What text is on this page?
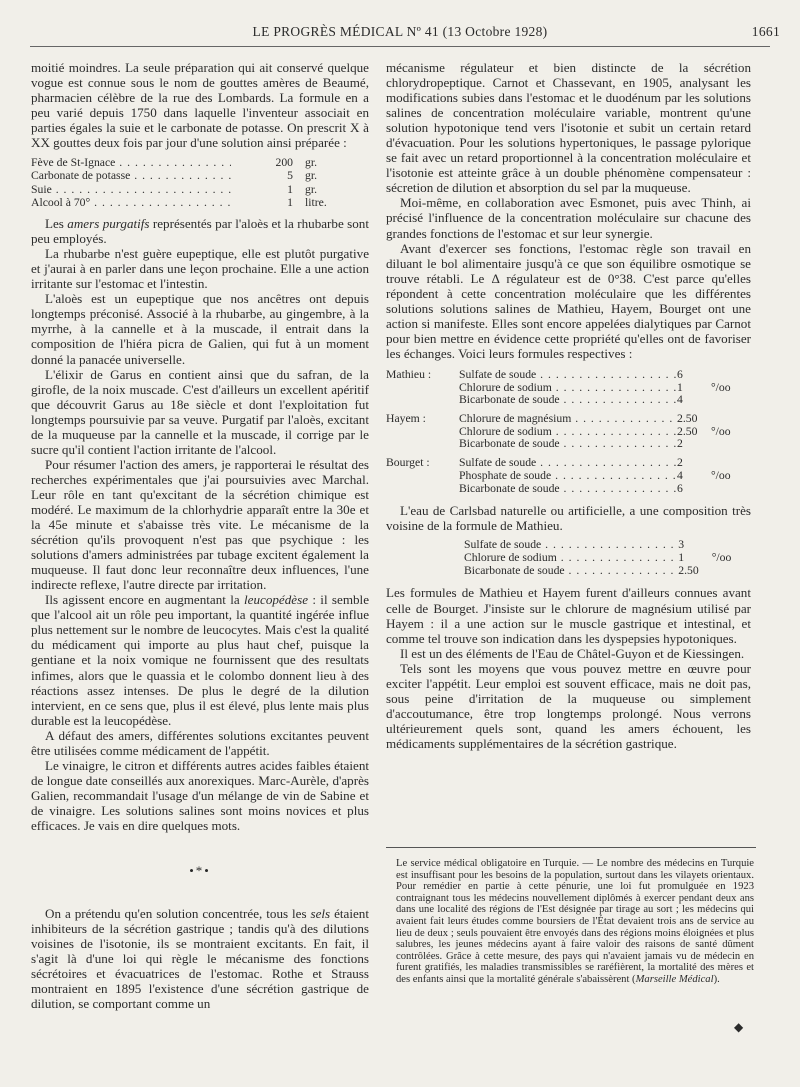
LE PROGRÈS MÉDICAL Nº 41 (13 Octobre 1928)	1661

moitié moindres. La seule préparation qui ait conservé quelque vogue est connue sous le nom de gouttes amères de Beaumé, pharmacien célèbre de la rue des Lombards. La formule en a peu varié depuis 1750 dans laquelle l'inventeur associait en parties égales la suie et le carbonate de potasse. On prescrit X à XX gouttes deux fois par jour d'une solution ainsi préparée :

Fève de St-Ignace . . .	200	gr.
Carbonate de potasse . . .	5	gr.
Suie . . .	1	gr.
Alcool à 70° . . .	1	litre.

Les amers purgatifs représentés par l'aloès et la rhubarbe sont peu employés.

La rhubarbe n'est guère eupeptique, elle est plutôt purgative et j'aurai à en parler dans une leçon prochaine. Elle a une action irritante sur l'estomac et l'intestin.

L'aloès est un eupeptique que nos ancêtres ont depuis longtemps préconisé. Associé à la rhubarbe, au gingembre, à la myrrhe, à la cannelle et à la muscade, il entrait dans la composition de l'hiéra picra de Galien, qui fut à un moment donné la panacée universelle.

L'élixir de Garus en contient ainsi que du safran, de la girofle, de la noix muscade. C'est d'ailleurs un excellent apéritif que découvrit Garus au 18e siècle et dont l'exploitation fut longtemps poursuivie par sa veuve. Purgatif par l'aloès, excitant de la muqueuse par la cannelle et la muscade, il corrige par le sucre qu'il contient l'action irritante de l'alcool.

Pour résumer l'action des amers, je rapporterai le résultat des recherches expérimentales que j'ai poursuivies avec Marchal. Leur rôle en tant qu'excitant de la sécrétion chimique est modéré. Le maximum de la chlorhydrie apparaît entre la 30e et la 45e minute et s'abaisse très vite. Le mécanisme de la sécrétion qu'ils provoquent n'est pas que psychique : les solutions d'amers administrées par tubage excitent également la muqueuse. Il faut donc leur reconnaître deux influences, l'une indirecte reflexe, l'autre directe par irritation.

Ils agissent encore en augmentant la leucopédèse : il semble que l'alcool ait un rôle peu important, la quantité ingérée influe plus nettement sur le nombre de leucocytes. Mais c'est la qualité du médicament qui importe au plus haut chef, puisque la gentiane et la noix vomique ne fournissent que des resultats infimes, alors que le quassia et le colombo donnent lieu à des réactions assez intenses. De plus le degré de la dilution intervient, en ce sens que, plus il est élevé, plus lente mais plus durable est la leucopédèse.

A défaut des amers, différentes solutions excitantes peuvent être utilisées comme médicament de l'appétit.

Le vinaigre, le citron et différents autres acides faibles étaient de longue date conseillés aux anorexiques. Marc-Aurèle, d'après Galien, recommandait l'usage d'un mélange de vin de Sabine et de vinaigre. Les solutions salines sont moins novices et plus efficaces. Je vais en dire quelques mots.

•*•

On a prétendu qu'en solution concentrée, tous les sels étaient inhibiteurs de la sécrétion gastrique ; tandis qu'à des dilutions voisines de l'isotonie, ils se montraient excitants. En fait, il s'agit là d'une loi qui règle le mécanisme des fonctions sécrétoires et évacuatrices de l'estomac. Rothe et Strauss montraient en 1895 l'existence d'une sécrétion gastrique de dilution, se comportant comme un

mécanisme régulateur et bien distincte de la sécrétion chlorydropeptique. Carnot et Chassevant, en 1905, analysant les modifications subies dans l'estomac et le duodénum par les solutions salines de concentration moléculaire variable, montrent qu'une solution hypotonique tend vers l'isotonie et subit un certain retard d'évacuation. Pour les solutions hypertoniques, le passage pylorique se fait avec un retard proportionnel à la concentration moléculaire et l'isotonie est atteinte grâce à un double phénomène compensateur : sécretion de dilution et absorption du sel par la muqueuse.

Moi-même, en collaboration avec Esmonet, puis avec Thinh, ai précisé l'influence de la concentration moléculaire sur chacune des grandes fonctions de l'estomac et sur leur synergie.

Avant d'exercer ses fonctions, l'estomac règle son travail en diluant le bol alimentaire jusqu'à ce que son équilibre osmotique se trouve rétabli. Le Δ régulateur est de 0°38. C'est parce qu'elles répondent à cette concentration moléculaire que les différentes solutions solutions salines de Mathieu, Hayem, Bourget ont une action si manifeste. Elles sont encore appelées dialytiques par Carnot pour bien mettre en évidence cette propriété qu'elles ont de favoriser les échanges. Voici leurs formules respectives :

Mathieu :	Sulfate de soude . . .	6
Chlorure de sodium . . .	1	°/oo
Bicarbonate de soude . . .	4
Hayem :	Chlorure de magnésium . . .	2.50
Chlorure de sodium . . .	2.50	°/oo
Bicarbonate de soude . . .	2
Bourget :	Sulfate de soude . . .	2
Phosphate de soude . . .	4	°/oo
Bicarbonate de soude . . .	6

L'eau de Carlsbad naturelle ou artificielle, a une composition très voisine de la formule de Mathieu.

Sulfate de soude . . .	3
Chlorure de sodium . . .	1	°/oo
Bicarbonate de soude . . .	2.50

Les formules de Mathieu et Hayem furent d'ailleurs connues avant celle de Bourget. J'insiste sur le chlorure de magnésium utilisé par Hayem : il a une action sur le muscle gastrique et intestinal, et comme tel trouve son indication dans les dyspepsies hypotoniques.

Il est un des éléments de l'Eau de Châtel-Guyon et de Kiessingen.

Tels sont les moyens que vous pouvez mettre en œuvre pour exciter l'appétit. Leur emploi est souvent efficace, mais ne doit pas, sous peine d'irritation de la muqueuse ou simplement d'accoutumance, être trop longtemps prolongé. Nous verrons ultérieurement quels sont, quand les amers échouent, les médicaments supplémentaires de la sécrétion gastrique.

Le service médical obligatoire en Turquie. — Le nombre des médecins en Turquie est insuffisant pour les besoins de la population, surtout dans les vilayets orientaux. Pour remédier en partie à cette pénurie, une loi fut promulguée en 1923 contraignant tous les médecins nouvellement diplômés à exercer pendant deux ans dans une localité des régions de l'Est désignée par tirage au sort ; les médecins qui avaient fait leurs études comme boursiers de l'État devaient trois ans de service au lieu de deux ; seuls pouvaient être envoyés dans des régions moins éloignées et plus salubres, les jeunes médecins ayant à faire valoir des raisons de santé dûment contrôlées. Grâce à cette mesure, des pays qui n'avaient jamais vu de médecin en furent gratifiés, les maladies transmissibles se raréfièrent, la mortalité des mères et des enfants ainsi que la mortalité générale s'abaissèrent (Marseille Médical).

◆
